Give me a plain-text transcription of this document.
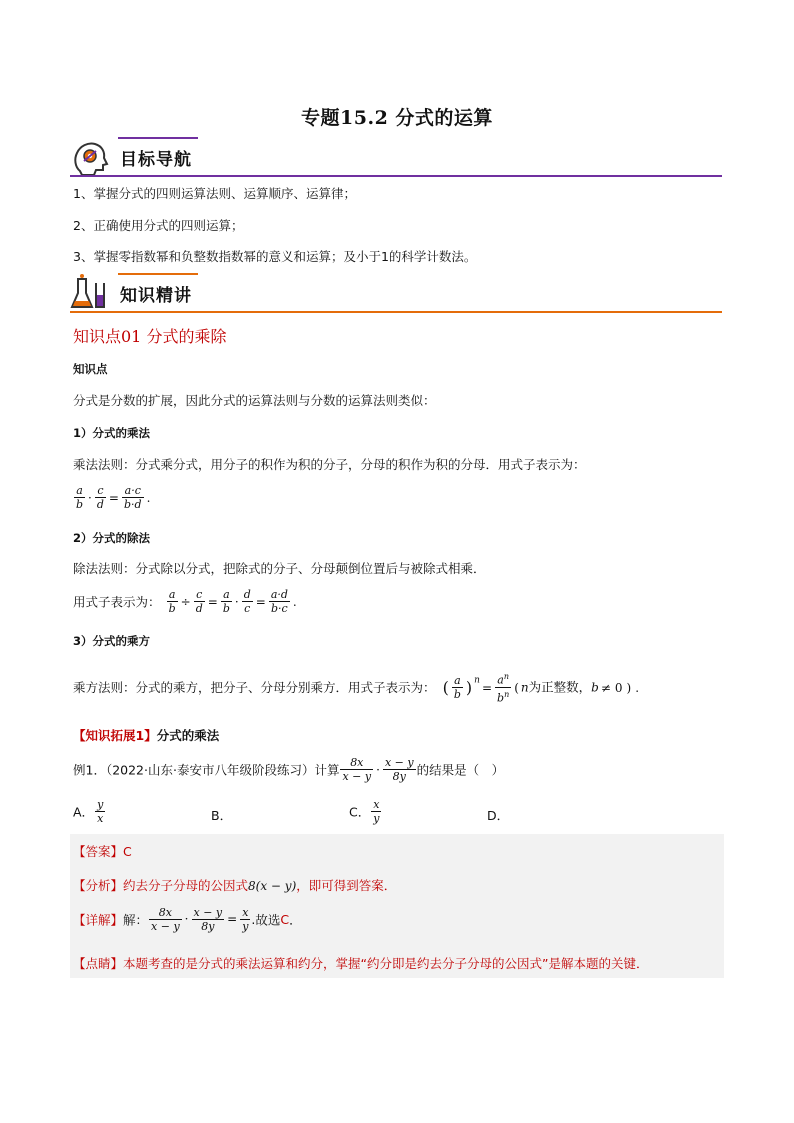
专题15.2 分式的运算
目标导航
1、掌握分式的四则运算法则、运算顺序、运算律；
2、正确使用分式的四则运算；
3、掌握零指数幂和负整数指数幂的意义和运算；及小于1的科学计数法。
知识精讲
知识点01 分式的乘除
知识点
分式是分数的扩展，因此分式的运算法则与分数的运算法则类似：
1）分式的乘法
乘法法则：分式乘分式，用分子的积作为积的分子，分母的积作为积的分母．用式子表示为：
$\frac{a}{b} \cdot \frac{c}{d} = \frac{a\cdot c}{b\cdot d}$ .
2）分式的除法
除法法则：分式除以分式，把除式的分子、分母颠倒位置后与被除式相乘．
用式子表示为： $\frac{a}{b} \div \frac{c}{d} = \frac{a}{b} \cdot \frac{d}{c} = \frac{a\cdot d}{b\cdot c}$ .
3）分式的乘方
乘方法则：分式的乘方，把分子、分母分别乘方．用式子表示为： ( $\frac{a}{b}$ ) $^n = \frac{a^n}{b^n}$ ( n为正整数，b ≠ 0 ) .
【知识拓展1】分式的乘法
例1．（2022·山东·泰安市八年级阶段练习）计算 $\frac{8x}{x - y} \cdot \frac{x - y}{8y}$ 的结果是（　）
A． $\frac{y}{x}$	B．	C． $\frac{x}{y}$	D．
【答案】C
【分析】约去分子分母的公因式8(x − y)，即可得到答案．
【详解】解： $\frac{8x}{x - y} \cdot \frac{x - y}{8y} = \frac{x}{y}$ .故选C．
【点睛】本题考查的是分式的乘法运算和约分，掌握“约分即是约去分子分母的公因式”是解本题的关键．
